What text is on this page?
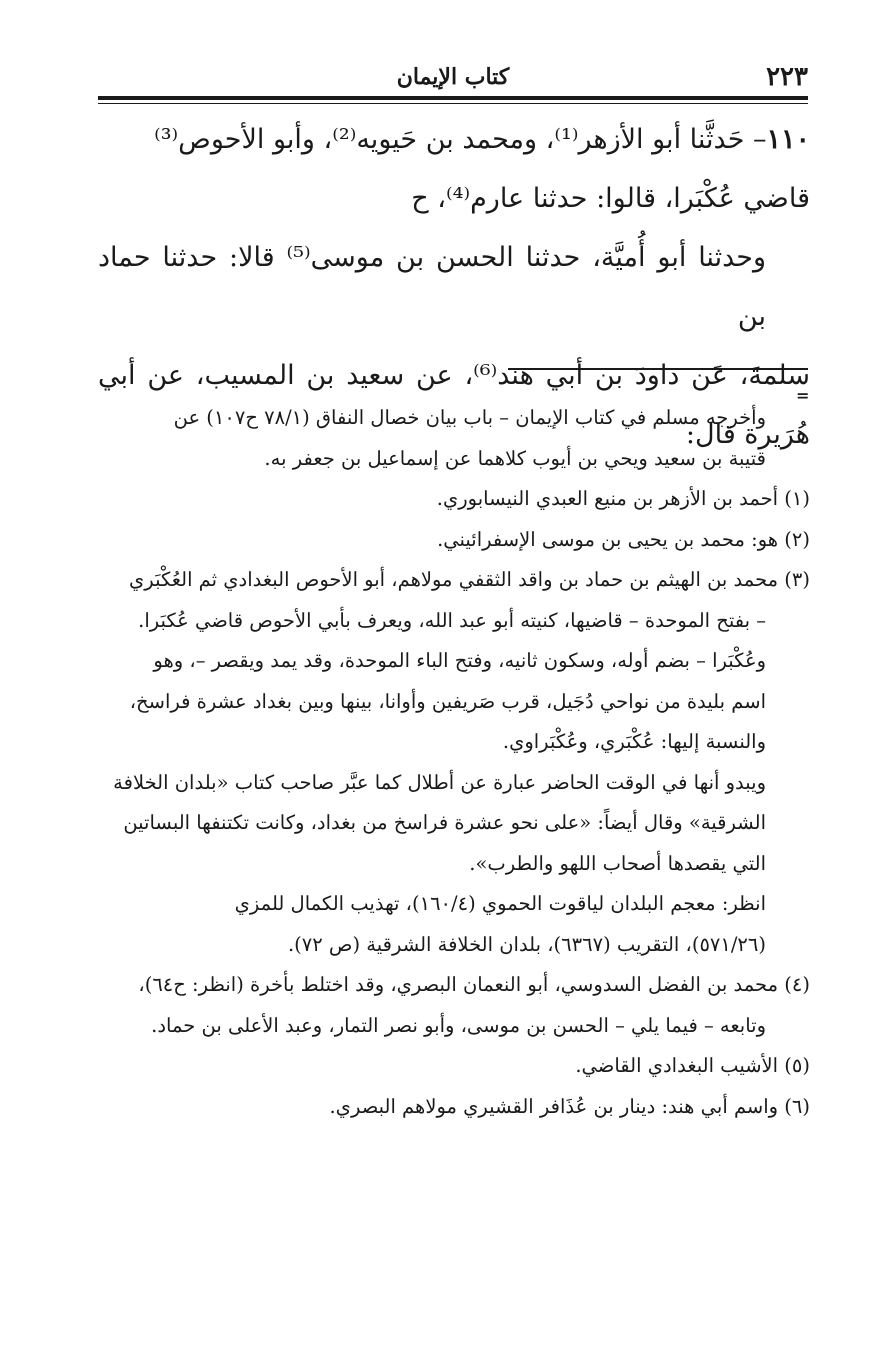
٢٢٣
كتاب الإيمان

١١٠– حَدثَّنا أبو الأزهر⁽¹⁾، ومحمد بن حَيويه⁽²⁾، وأبو الأحوص⁽³⁾

قاضي عُكْبَرا، قالوا: حدثنا عارم⁽⁴⁾، ح

وحدثنا أبو أُميَّة، حدثنا الحسن بن موسى⁽⁵⁾ قالا: حدثنا حماد بن

سلمةَ، عَن داودَ بن أبي هند⁽⁶⁾، عن سعيد بن المسيب، عن أبي هُرَيرة قال:

=

وأخرجه مسلم في كتاب الإيمان – باب بيان خصال النفاق (٧٨/١ ح١٠٧) عن

قتيبة بن سعيد ويحي بن أيوب كلاهما عن إسماعيل بن جعفر به.

(١) أحمد بن الأزهر بن منيع العبدي النيسابوري.

(٢) هو: محمد بن يحيى بن موسى الإسفرائيني.

(٣) محمد بن الهيثم بن حماد بن واقد الثقفي مولاهم، أبو الأحوص البغدادي ثم العُكْبَري

– بفتح الموحدة – قاضيها، كنيته أبو عبد الله، ويعرف بأبي الأحوص قاضي عُكبَرا.

وعُكْبَرا – بضم أوله، وسكون ثانيه، وفتح الباء الموحدة، وقد يمد ويقصر –، وهو

اسم بليدة من نواحي دُجَيل، قرب صَريفين وأوانا، بينها وبين بغداد عشرة فراسخ،

والنسبة إليها: عُكْبَري، وعُكْبَراوي.

ويبدو أنها في الوقت الحاضر عبارة عن أطلال كما عبَّر صاحب كتاب «بلدان الخلافة

الشرقية» وقال أيضاً: «على نحو عشرة فراسخ من بغداد، وكانت تكتنفها البساتين

التي يقصدها أصحاب اللهو والطرب».

انظر: معجم البلدان لياقوت الحموي (١٦٠/٤)، تهذيب الكمال للمزي

(٥٧١/٢٦)، التقريب (٦٣٦٧)، بلدان الخلافة الشرقية (ص ٧٢).

(٤) محمد بن الفضل السدوسي، أبو النعمان البصري، وقد اختلط بأخرة (انظر: ح٦٤)،

وتابعه – فيما يلي – الحسن بن موسى، وأبو نصر التمار، وعبد الأعلى بن حماد.

(٥) الأشيب البغدادي القاضي.

(٦) واسم أبي هند: دينار بن عُذَافر القشيري مولاهم البصري.
